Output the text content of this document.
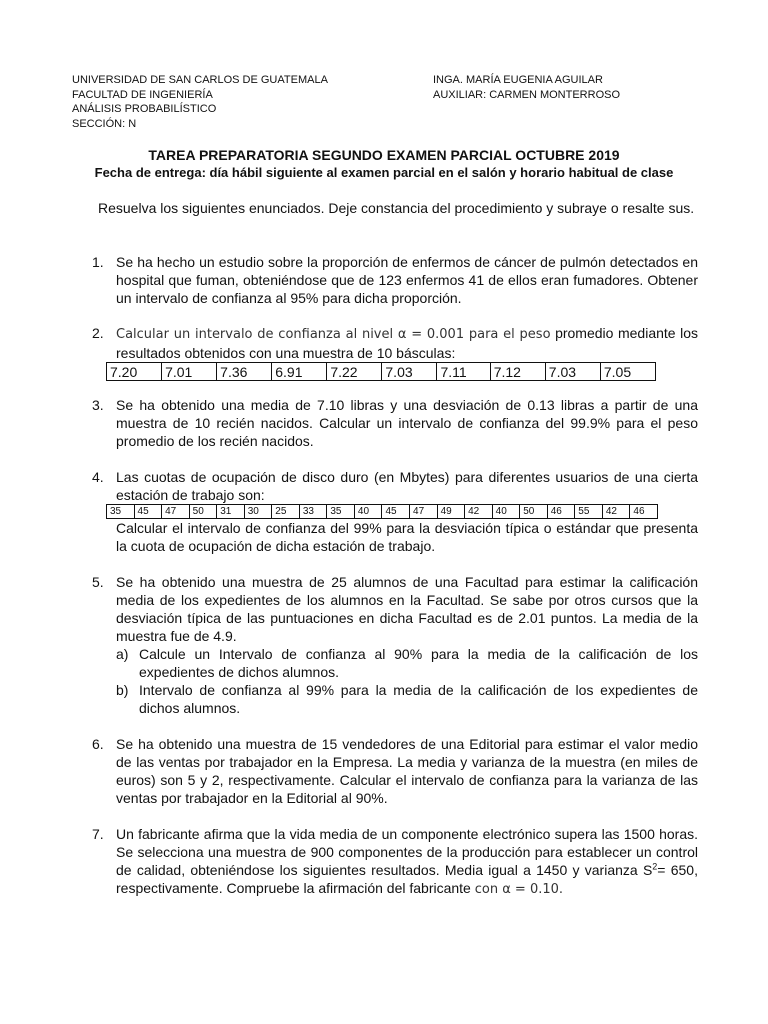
UNIVERSIDAD DE SAN CARLOS DE GUATEMALA
FACULTAD DE INGENIERÍA
ANÁLISIS PROBABILÍSTICO
SECCIÓN: N
INGA. MARÍA EUGENIA AGUILAR
AUXILIAR: CARMEN MONTERROSO
TAREA PREPARATORIA SEGUNDO EXAMEN PARCIAL OCTUBRE 2019
Fecha de entrega: día hábil siguiente al examen parcial en el salón y horario habitual de clase
Resuelva los siguientes enunciados. Deje constancia del procedimiento y subraye o resalte sus.
1. Se ha hecho un estudio sobre la proporción de enfermos de cáncer de pulmón detectados en hospital que fuman, obteniéndose que de 123 enfermos 41 de ellos eran fumadores. Obtener un intervalo de confianza al 95% para dicha proporción.
2. Calcular un intervalo de confianza al nivel α = 0.001 para el peso promedio mediante los resultados obtenidos con una muestra de 10 básculas:
7.20	7.01	7.36	6.91	7.22	7.03	7.11	7.12	7.03	7.05
3. Se ha obtenido una media de 7.10 libras y una desviación de 0.13 libras a partir de una muestra de 10 recién nacidos. Calcular un intervalo de confianza del 99.9% para el peso promedio de los recién nacidos.
4. Las cuotas de ocupación de disco duro (en Mbytes) para diferentes usuarios de una cierta estación de trabajo son:
35	45	47	50	31	30	25	33	35	40	45	47	49	42	40	50	46	55	42	46
Calcular el intervalo de confianza del 99% para la desviación típica o estándar que presenta la cuota de ocupación de dicha estación de trabajo.
5. Se ha obtenido una muestra de 25 alumnos de una Facultad para estimar la calificación media de los expedientes de los alumnos en la Facultad. Se sabe por otros cursos que la desviación típica de las puntuaciones en dicha Facultad es de 2.01 puntos. La media de la muestra fue de 4.9.
a) Calcule un Intervalo de confianza al 90% para la media de la calificación de los expedientes de dichos alumnos.
b) Intervalo de confianza al 99% para la media de la calificación de los expedientes de dichos alumnos.
6. Se ha obtenido una muestra de 15 vendedores de una Editorial para estimar el valor medio de las ventas por trabajador en la Empresa. La media y varianza de la muestra (en miles de euros) son 5 y 2, respectivamente. Calcular el intervalo de confianza para la varianza de las ventas por trabajador en la Editorial al 90%.
7. Un fabricante afirma que la vida media de un componente electrónico supera las 1500 horas. Se selecciona una muestra de 900 componentes de la producción para establecer un control de calidad, obteniéndose los siguientes resultados. Media igual a 1450 y varianza $S^2= 650$, respectivamente. Compruebe la afirmación del fabricante con α = 0.10.
